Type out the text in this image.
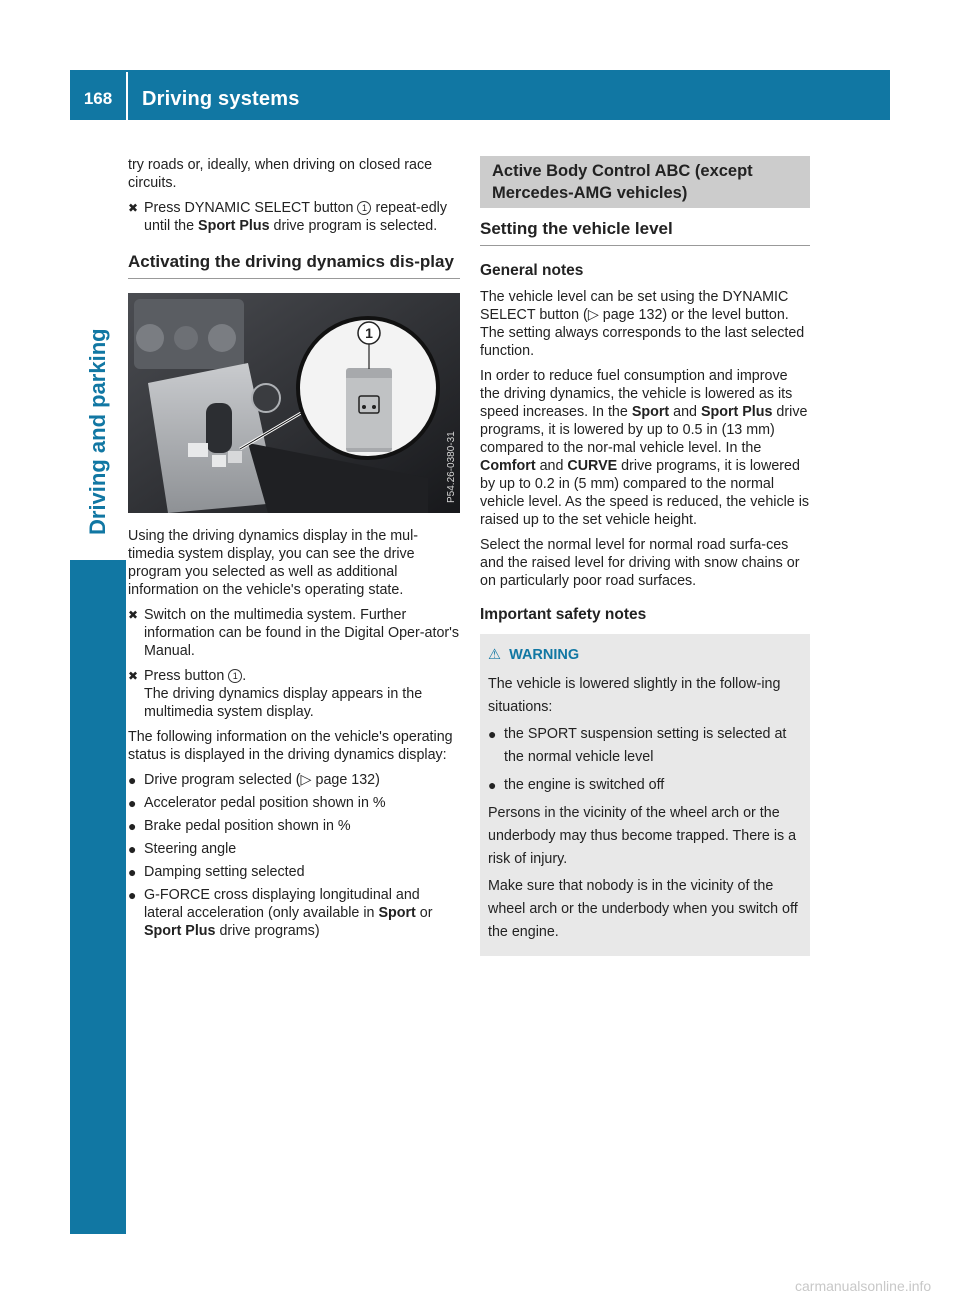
168	Driving systems
Driving and parking

try roads or, ideally, when driving on closed race circuits.

✖ Press DYNAMIC SELECT button 1 repeat-edly until the Sport Plus drive program is selected.
Activating the driving dynamics dis-play
1
P54.26-0380-31

Using the driving dynamics display in the mul-timedia system display, you can see the drive program you selected as well as additional information on the vehicle's operating state.

✖ Switch on the multimedia system. Further information can be found in the Digital Oper-ator's Manual.
✖ Press button 1 .
The driving dynamics display appears in the multimedia system display.

The following information on the vehicle's operating status is displayed in the driving dynamics display:

● Drive program selected (▷ page 132)
● Accelerator pedal position shown in %
● Brake pedal position shown in %
● Steering angle
● Damping setting selected
● G-FORCE cross displaying longitudinal and lateral acceleration (only available in Sport or Sport Plus drive programs)
Active Body Control ABC (except Mercedes-AMG vehicles)
Setting the vehicle level
General notes

The vehicle level can be set using the DYNAMIC SELECT button (▷ page 132) or the level button. The setting always corresponds to the last selected function.

In order to reduce fuel consumption and improve the driving dynamics, the vehicle is lowered as its speed increases. In the Sport and Sport Plus drive programs, it is lowered by up to 0.5 in (13 mm) compared to the nor-mal vehicle level. In the Comfort and CURVE drive programs, it is lowered by up to 0.2 in (5 mm) compared to the normal vehicle level. As the speed is reduced, the vehicle is raised up to the set vehicle height.

Select the normal level for normal road surfa-ces and the raised level for driving with snow chains or on particularly poor road surfaces.

Important safety notes
⚠ WARNING

The vehicle is lowered slightly in the follow-ing situations:

● the SPORT suspension setting is selected at the normal vehicle level
● the engine is switched off

Persons in the vicinity of the wheel arch or the underbody may thus become trapped. There is a risk of injury.

Make sure that nobody is in the vicinity of the wheel arch or the underbody when you switch off the engine.

carmanualsonline.info
